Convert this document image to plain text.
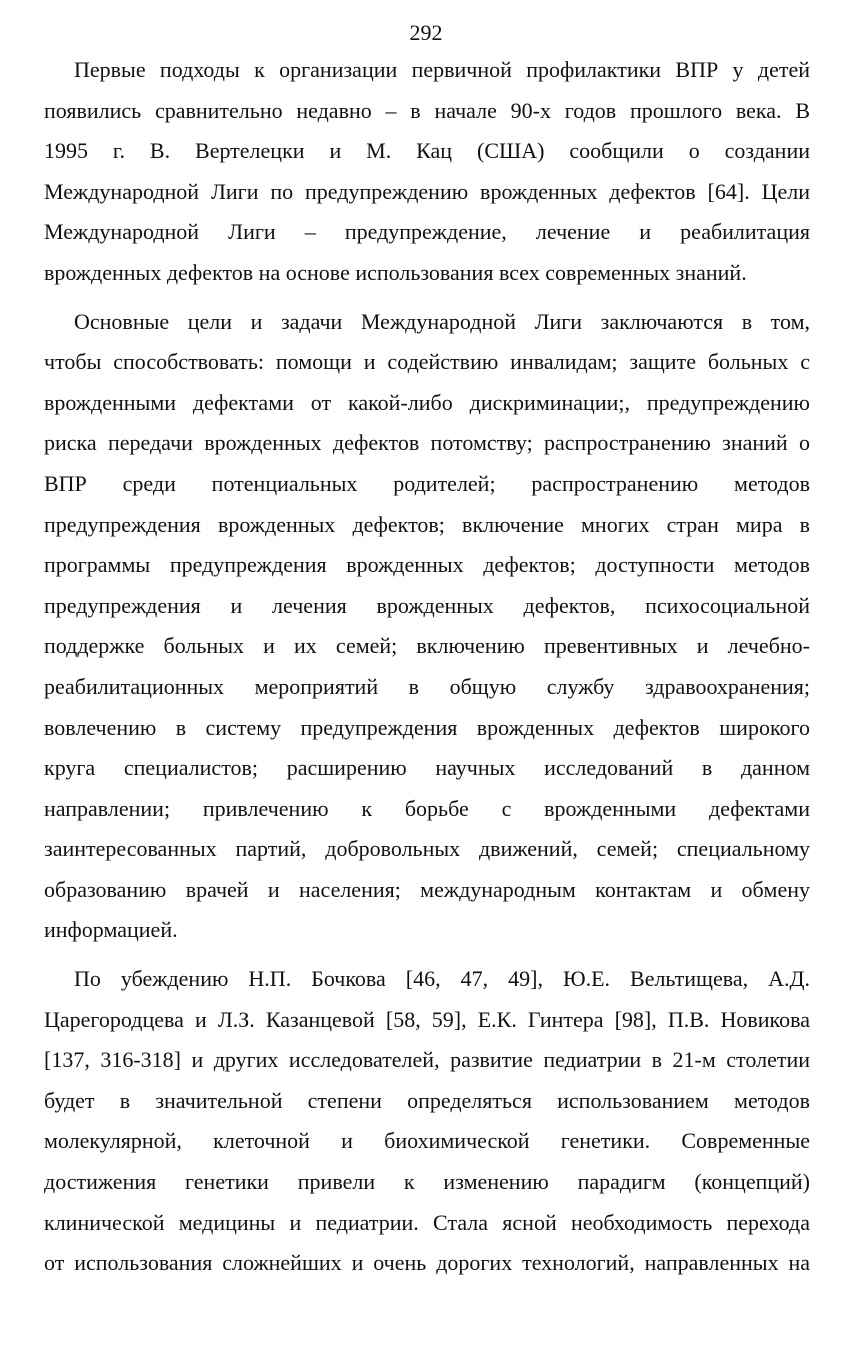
292

Первые подходы к организации первичной профилактики ВПР у детей
появились сравнительно недавно – в начале 90-х годов прошлого века. В
1995 г. В. Вертелецки и М. Кац (США) сообщили о создании
Международной Лиги по предупреждению врожденных дефектов [64]. Цели
Международной Лиги – предупреждение, лечение и реабилитация
врожденных дефектов на основе использования всех современных знаний.

Основные цели и задачи Международной Лиги заключаются в том,
чтобы способствовать: помощи и содействию инвалидам; защите больных с
врожденными дефектами от какой-либо дискриминации;, предупреждению
риска передачи врожденных дефектов потомству; распространению знаний о
ВПР среди потенциальных родителей; распространению методов
предупреждения врожденных дефектов; включение многих стран мира в
программы предупреждения врожденных дефектов; доступности методов
предупреждения и лечения врожденных дефектов, психосоциальной
поддержке больных и их семей; включению превентивных и лечебно-
реабилитационных мероприятий в общую службу здравоохранения;
вовлечению в систему предупреждения врожденных дефектов широкого
круга специалистов; расширению научных исследований в данном
направлении; привлечению к борьбе с врожденными дефектами
заинтересованных партий, добровольных движений, семей; специальному
образованию врачей и населения; международным контактам и обмену
информацией.

По убеждению Н.П. Бочкова [46, 47, 49], Ю.Е. Вельтищева, А.Д.
Царегородцева и Л.З. Казанцевой [58, 59], Е.К. Гинтера [98], П.В. Новикова
[137, 316-318] и других исследователей, развитие педиатрии в 21-м столетии
будет в значительной степени определяться использованием методов
молекулярной, клеточной и биохимической генетики. Современные
достижения генетики привели к изменению парадигм (концепций)
клинической медицины и педиатрии. Стала ясной необходимость перехода
от использования сложнейших и очень дорогих технологий, направленных на
